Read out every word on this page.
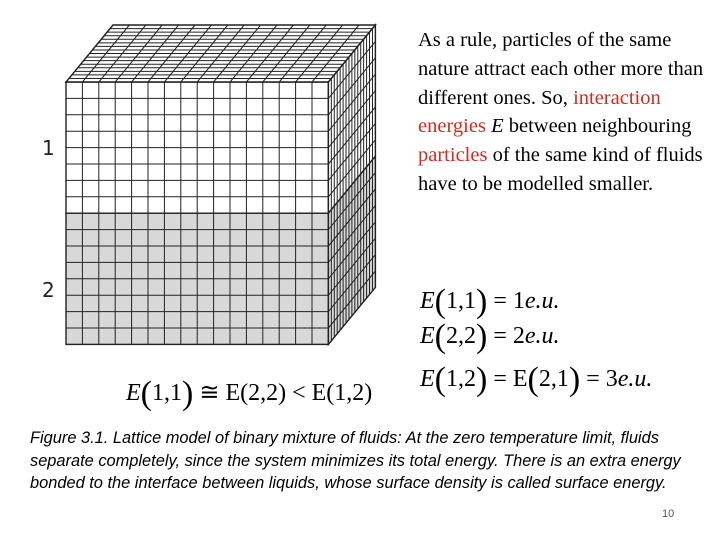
1
2
As a rule, particles of the same nature attract each other more than different ones. So, interaction energies E between neighbouring particles of the same kind of fluids have to be modelled smaller.
E(1,1) = 1e.u.
E(2,2) = 2e.u.
E(1,2) = E(2,1) = 3e.u.
E(1,1) ≅ E(2,2) < E(1,2)
Figure 3.1. Lattice model of binary mixture of fluids: At the zero temperature limit, fluids separate completely, since the system minimizes its total energy. There is an extra energy bonded to the interface between liquids, whose surface density is called surface energy.
10
